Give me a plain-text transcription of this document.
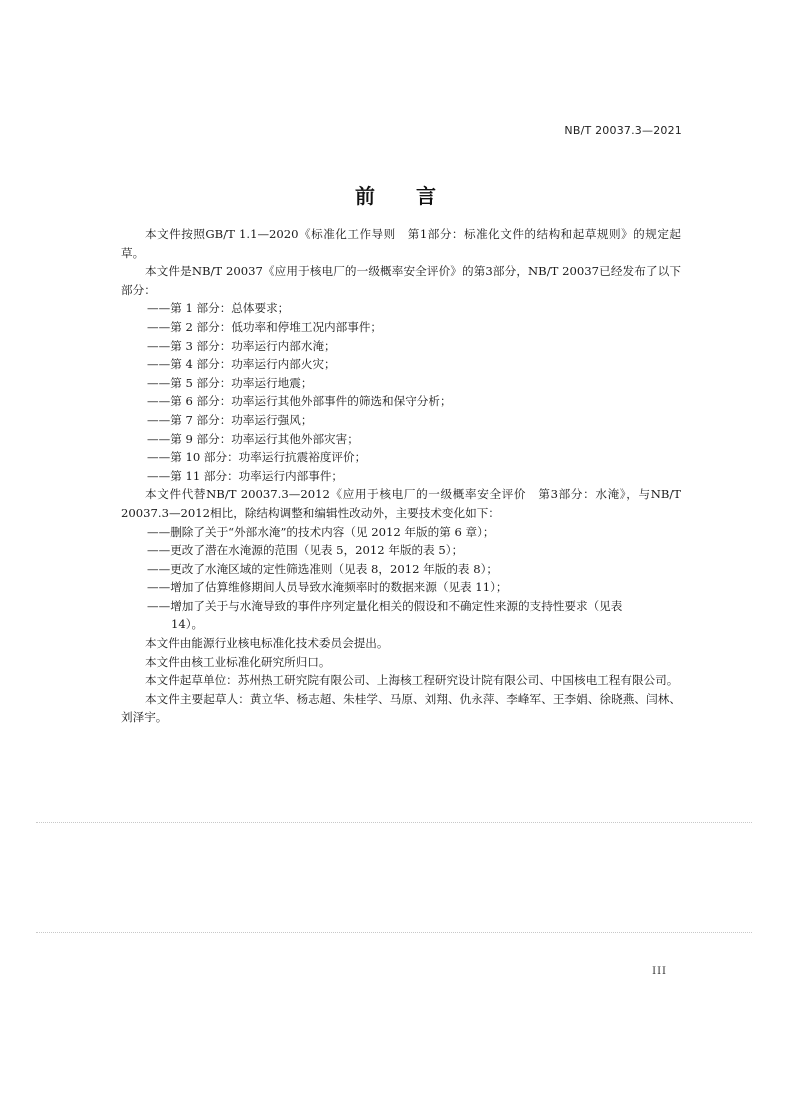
NB/T 20037.3—2021
前 言

本文件按照GB/T 1.1—2020《标准化工作导则　第1部分：标准化文件的结构和起草规则》的规定起草。

本文件是NB/T 20037《应用于核电厂的一级概率安全评价》的第3部分，NB/T 20037已经发布了以下部分：

——第 1 部分：总体要求；

——第 2 部分：低功率和停堆工况内部事件；

——第 3 部分：功率运行内部水淹；

——第 4 部分：功率运行内部火灾；

——第 5 部分：功率运行地震；

——第 6 部分：功率运行其他外部事件的筛选和保守分析；

——第 7 部分：功率运行强风；

——第 9 部分：功率运行其他外部灾害；

——第 10 部分：功率运行抗震裕度评价；

——第 11 部分：功率运行内部事件；

本文件代替NB/T 20037.3—2012《应用于核电厂的一级概率安全评价　第3部分：水淹》，与NB/T 20037.3—2012相比，除结构调整和编辑性改动外，主要技术变化如下：

——删除了关于“外部水淹”的技术内容（见 2012 年版的第 6 章）；

——更改了潜在水淹源的范围（见表 5，2012 年版的表 5）；

——更改了水淹区域的定性筛选准则（见表 8，2012 年版的表 8）；

——增加了估算维修期间人员导致水淹频率时的数据来源（见表 11）；

——增加了关于与水淹导致的事件序列定量化相关的假设和不确定性来源的支持性要求（见表
14）。

本文件由能源行业核电标准化技术委员会提出。

本文件由核工业标准化研究所归口。

本文件起草单位：苏州热工研究院有限公司、上海核工程研究设计院有限公司、中国核电工程有限公司。

本文件主要起草人：黄立华、杨志超、朱桂学、马原、刘翔、仇永萍、李峰军、王李娟、徐晓燕、闫林、刘泽宇。

III
